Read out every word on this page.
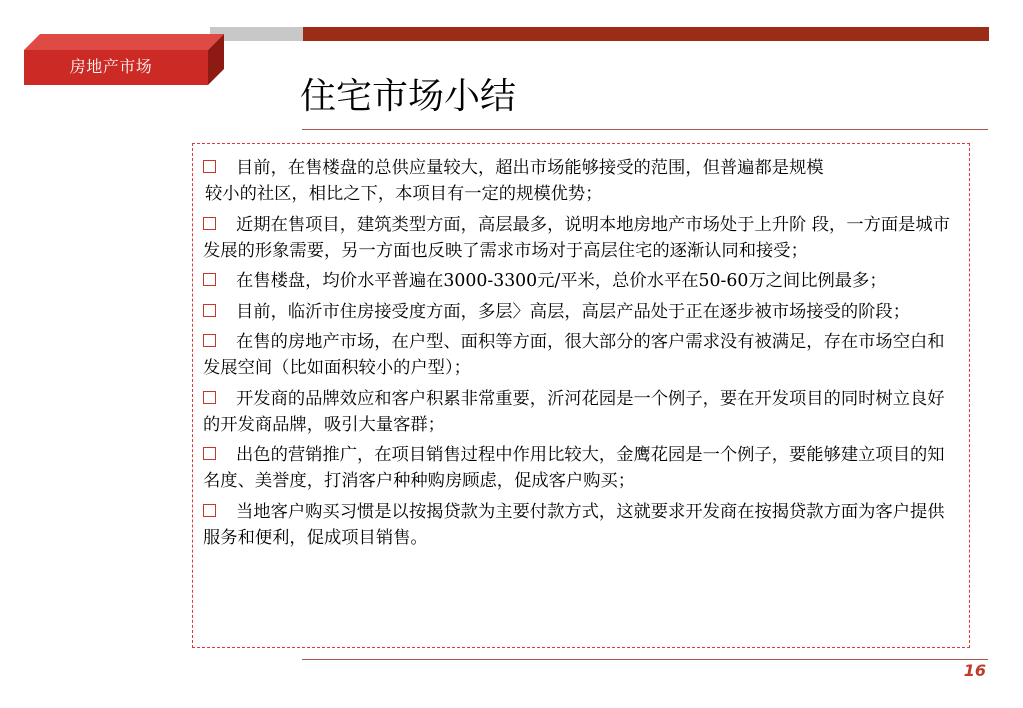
房地产市场
住宅市场小结
目前，在售楼盘的总供应量较大，超出市场能够接受的范围，但普遍都是规模
较小的社区，相比之下，本项目有一定的规模优势；
近期在售项目，建筑类型方面，高层最多，说明本地房地产市场处于上升阶 段，一方面是城市发展的形象需要，另一方面也反映了需求市场对于高层住宅的逐渐认同和接受；
在售楼盘，均价水平普遍在3000-3300元/平米，总价水平在50-60万之间比例最多；
目前，临沂市住房接受度方面，多层〉高层，高层产品处于正在逐步被市场接受的阶段；
在售的房地产市场，在户型、面积等方面，很大部分的客户需求没有被满足，存在市场空白和发展空间（比如面积较小的户型）；
开发商的品牌效应和客户积累非常重要，沂河花园是一个例子，要在开发项目的同时树立良好的开发商品牌，吸引大量客群；
出色的营销推广，在项目销售过程中作用比较大，金鹰花园是一个例子，要能够建立项目的知名度、美誉度，打消客户种种购房顾虑，促成客户购买；
当地客户购买习惯是以按揭贷款为主要付款方式，这就要求开发商在按揭贷款方面为客户提供服务和便利，促成项目销售。
16
